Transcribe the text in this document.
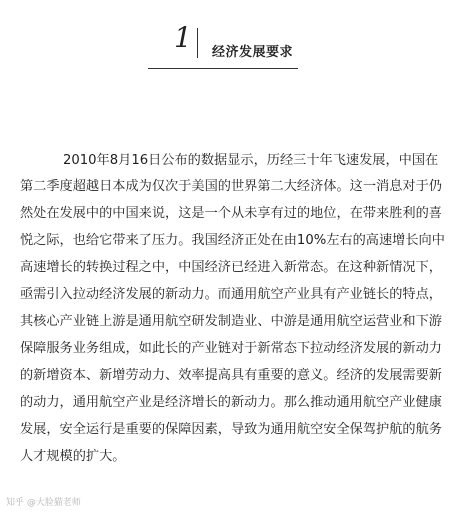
1 经济发展要求
2010年8月16日公布的数据显示，历经三十年飞速发展，中国在
第二季度超越日本成为仅次于美国的世界第二大经济体。这一消息对于仍
然处在发展中的中国来说，这是一个从未享有过的地位，在带来胜利的喜
悦之际，也给它带来了压力。我国经济正处在由10%左右的高速增长向中
高速增长的转换过程之中，中国经济已经进入新常态。在这种新情况下，
亟需引入拉动经济发展的新动力。而通用航空产业具有产业链长的特点，
其核心产业链上游是通用航空研发制造业、中游是通用航空运营业和下游
保障服务业务组成，如此长的产业链对于新常态下拉动经济发展的新动力
的新增资本、新增劳动力、效率提高具有重要的意义。经济的发展需要新
的动力，通用航空产业是经济增长的新动力。那么推动通用航空产业健康
发展，安全运行是重要的保障因素，导致为通用航空安全保驾护航的航务
人才规模的扩大。
知乎 @大脸猫老师
